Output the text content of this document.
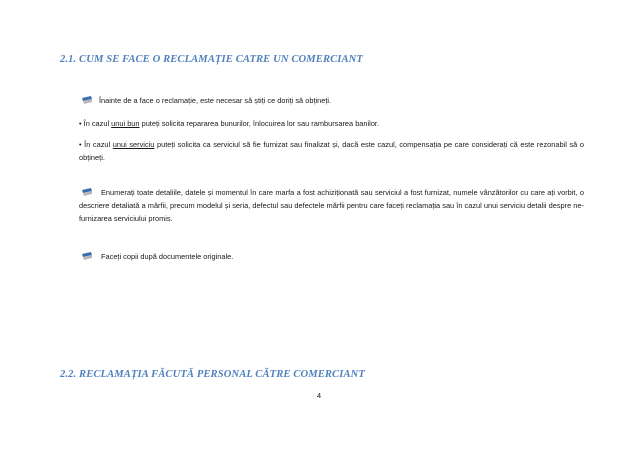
2.1. CUM SE FACE O RECLAMAȚIE CATRE UN COMERCIANT
Înainte de a face o reclamație, este necesar să știți ce doriți să obțineți.
• În cazul unui bun puteți solicita repararea bunurilor, înlocuirea lor sau rambursarea banilor.
• În cazul unui serviciu puteți solicita ca serviciul să fie furnizat sau finalizat și, dacă este cazul, compensația pe care considerați că este rezonabil să o obțineți.
Enumerați toate detaliile, datele și momentul în care marfa a fost achiziționată sau serviciul a fost furnizat, numele vânzătorilor cu care ați vorbit, o descriere detaliată a mărfii, precum modelul și seria, defectul sau defectele mărfii pentru care faceți reclamația sau în cazul unui serviciu detalii despre ne-furnizarea serviciului promis.
Faceți copii după documentele originale.
2.2. RECLAMAȚIA FĂCUTĂ PERSONAL CĂTRE COMERCIANT
4
